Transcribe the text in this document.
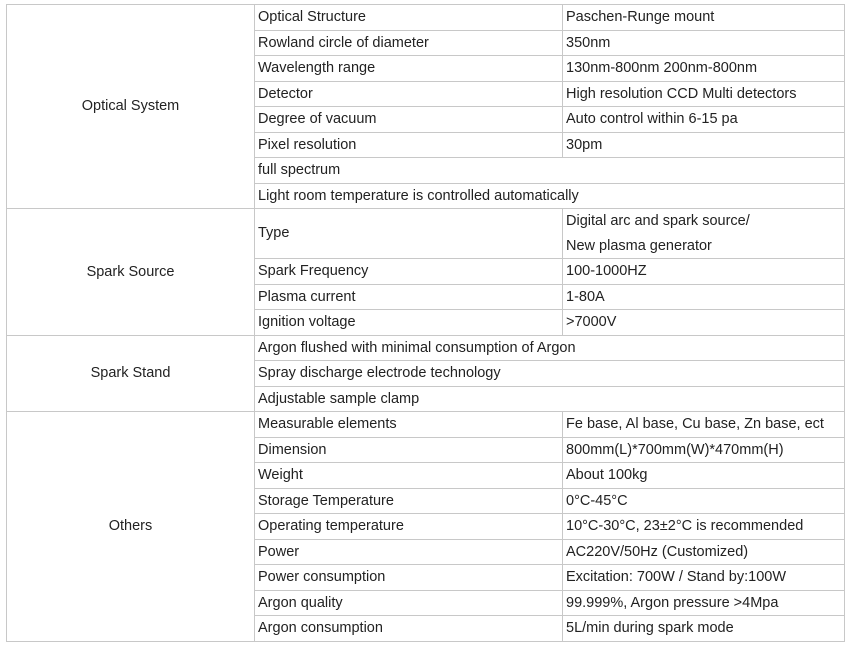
Optical System	Optical Structure	Paschen-Runge mount
	Rowland circle of diameter	350nm
	Wavelength range	130nm-800nm 200nm-800nm
	Detector	High resolution CCD Multi detectors
	Degree of vacuum	Auto control within 6-15 pa
	Pixel resolution	30pm
	full spectrum	
	Light room temperature is controlled automatically	
Spark Source	Type	Digital arc and spark source/
New plasma generator

	Spark Frequency	100-1000HZ
	Plasma current	1-80A
	Ignition voltage	>7000V
Spark Stand	Argon flushed with minimal consumption of Argon	
	Spray discharge electrode technology	
	Adjustable sample clamp	
Others	Measurable elements	Fe base, Al base, Cu base, Zn base, ect
	Dimension	800mm(L)*700mm(W)*470mm(H)
	Weight	About 100kg
	Storage Temperature	0°C-45°C
	Operating temperature	10°C-30°C, 23±2°C is recommended
	Power	AC220V/50Hz (Customized)
	Power consumption	Excitation: 700W / Stand by:100W
	Argon quality	99.999%, Argon pressure >4Mpa
	Argon consumption	5L/min during spark mode
